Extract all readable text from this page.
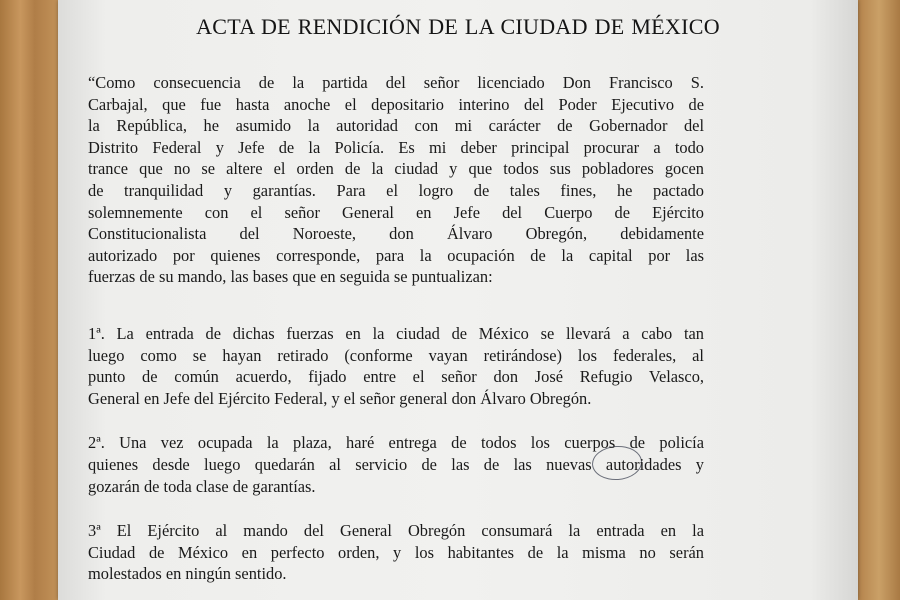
ACTA DE RENDICIÓN DE LA CIUDAD DE MÉXICO
“Como consecuencia de la partida del señor licenciado Don Francisco S.
Carbajal, que fue hasta anoche el depositario interino del Poder Ejecutivo de
la República, he asumido la autoridad con mi carácter de Gobernador del
Distrito Federal y Jefe de la Policía. Es mi deber principal procurar a todo
trance que no se altere el orden de la ciudad y que todos sus pobladores gocen
de tranquilidad y garantías. Para el logro de tales fines, he pactado
solemnemente con el señor General en Jefe del Cuerpo de Ejército
Constitucionalista del Noroeste, don Álvaro Obregón, debidamente
autorizado por quienes corresponde, para la ocupación de la capital por las
fuerzas de su mando, las bases que en seguida se puntualizan:
1ª. La entrada de dichas fuerzas en la ciudad de México se llevará a cabo tan
luego como se hayan retirado (conforme vayan retirándose) los federales, al
punto de común acuerdo, fijado entre el señor don José Refugio Velasco,
General en Jefe del Ejército Federal, y el señor general don Álvaro Obregón.
2ª. Una vez ocupada la plaza, haré entrega de todos los cuerpos de policía
quienes desde luego quedarán al servicio de las de las nuevas autoridades y
gozarán de toda clase de garantías.
3ª El Ejército al mando del General Obregón consumará la entrada en la
Ciudad de México en perfecto orden, y los habitantes de la misma no serán
molestados en ningún sentido.
